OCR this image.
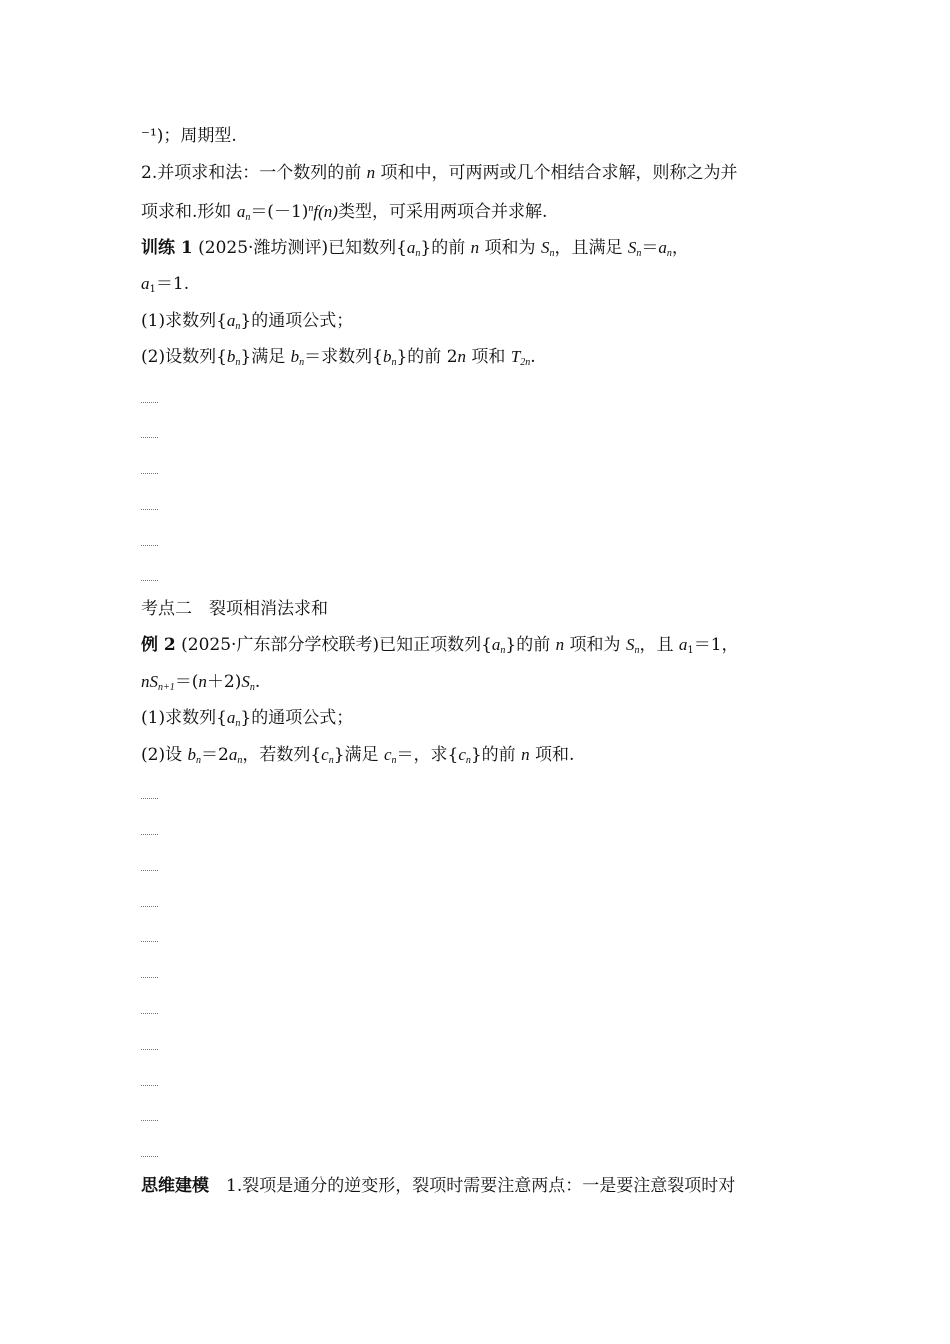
⁻¹)；周期型.
2.并项求和法：一个数列的前 n 项和中，可两两或几个相结合求解，则称之为并
项求和.形如 $a_n=(-1)^nf(n)$类型，可采用两项合并求解.
训练 1 (2025·潍坊测评)已知数列$\{a_n\}$的前 n 项和为 $S_n$，且满足 $S_n=a_n$，
$a_1=1$.
(1)求数列$\{a_n\}$的通项公式；
(2)设数列$\{b_n\}$满足 $b_n=$求数列$\{b_n\}$的前 2n 项和 $T_{2n}$.
考点二　裂项相消法求和
例 2 (2025·广东部分学校联考)已知正项数列$\{a_n\}$的前 n 项和为 $S_n$，且 $a_1=1$，
$nS_{n+1}=(n+2)S_n$.
(1)求数列$\{a_n\}$的通项公式；
(2)设 $b_n=2a_n$，若数列$\{c_n\}$满足 $c_n=$，求$\{c_n\}$的前 n 项和.
思维建模　1.裂项是通分的逆变形，裂项时需要注意两点：一是要注意裂项时对
